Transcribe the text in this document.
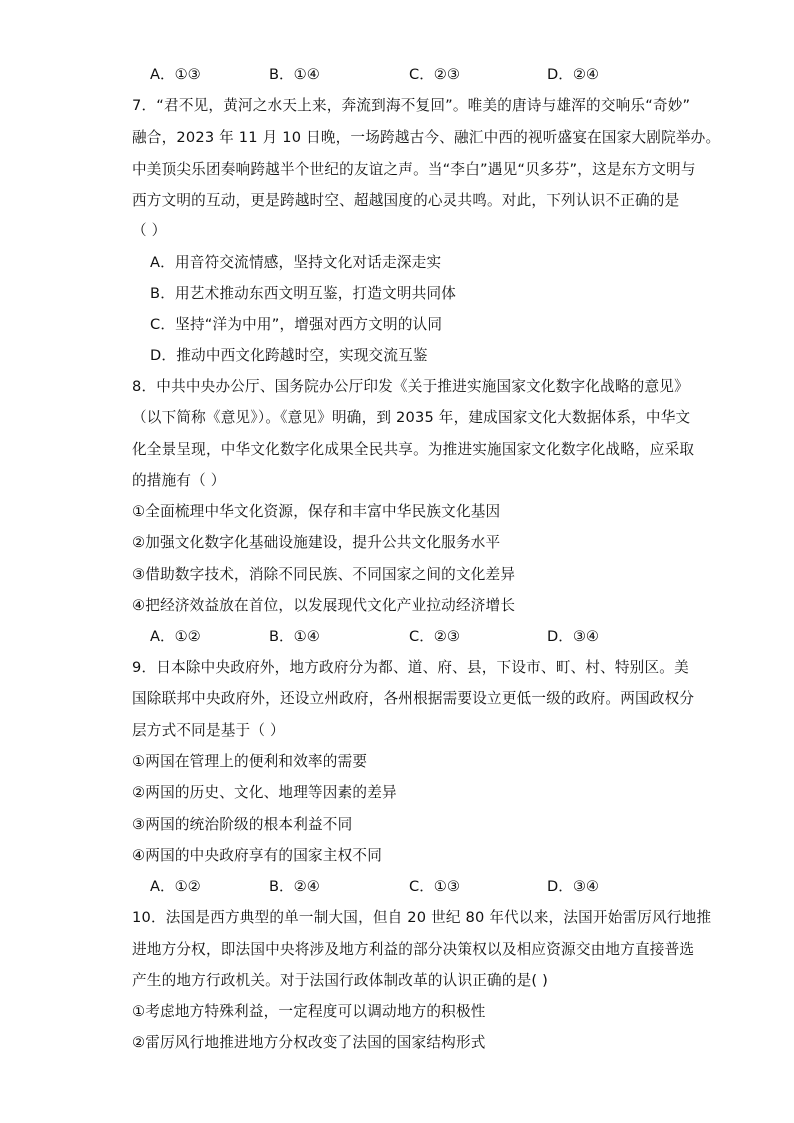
A．①③	B．①④	C．②③	D．②④
7．“君不见，黄河之水天上来，奔流到海不复回”。唯美的唐诗与雄浑的交响乐“奇妙”
融合，2023 年 11 月 10 日晚，一场跨越古今、融汇中西的视听盛宴在国家大剧院举办。
中美顶尖乐团奏响跨越半个世纪的友谊之声。当“李白”遇见“贝多芬”，这是东方文明与
西方文明的互动，更是跨越时空、超越国度的心灵共鸣。对此，下列认识不正确的是
（ ）
A．用音符交流情感，坚持文化对话走深走实
B．用艺术推动东西文明互鉴，打造文明共同体
C．坚持“洋为中用”，增强对西方文明的认同
D．推动中西文化跨越时空，实现交流互鉴
8．中共中央办公厅、国务院办公厅印发《关于推进实施国家文化数字化战略的意见》
（以下简称《意见》）。《意见》明确，到 2035 年，建成国家文化大数据体系，中华文
化全景呈现，中华文化数字化成果全民共享。为推进实施国家文化数字化战略，应采取
的措施有（ ）
①全面梳理中华文化资源，保存和丰富中华民族文化基因
②加强文化数字化基础设施建设，提升公共文化服务水平
③借助数字技术，消除不同民族、不同国家之间的文化差异
④把经济效益放在首位，以发展现代文化产业拉动经济增长
A．①②	B．①④	C．②③	D．③④
9．日本除中央政府外，地方政府分为都、道、府、县，下设市、町、村、特别区。美
国除联邦中央政府外，还设立州政府，各州根据需要设立更低一级的政府。两国政权分
层方式不同是基于（ ）
①两国在管理上的便利和效率的需要
②两国的历史、文化、地理等因素的差异
③两国的统治阶级的根本利益不同
④两国的中央政府享有的国家主权不同
A．①②	B．②④	C．①③	D．③④
10．法国是西方典型的单一制大国，但自 20 世纪 80 年代以来，法国开始雷厉风行地推
进地方分权，即法国中央将涉及地方利益的部分决策权以及相应资源交由地方直接普选
产生的地方行政机关。对于法国行政体制改革的认识正确的是( )
①考虑地方特殊利益，一定程度可以调动地方的积极性
②雷厉风行地推进地方分权改变了法国的国家结构形式
